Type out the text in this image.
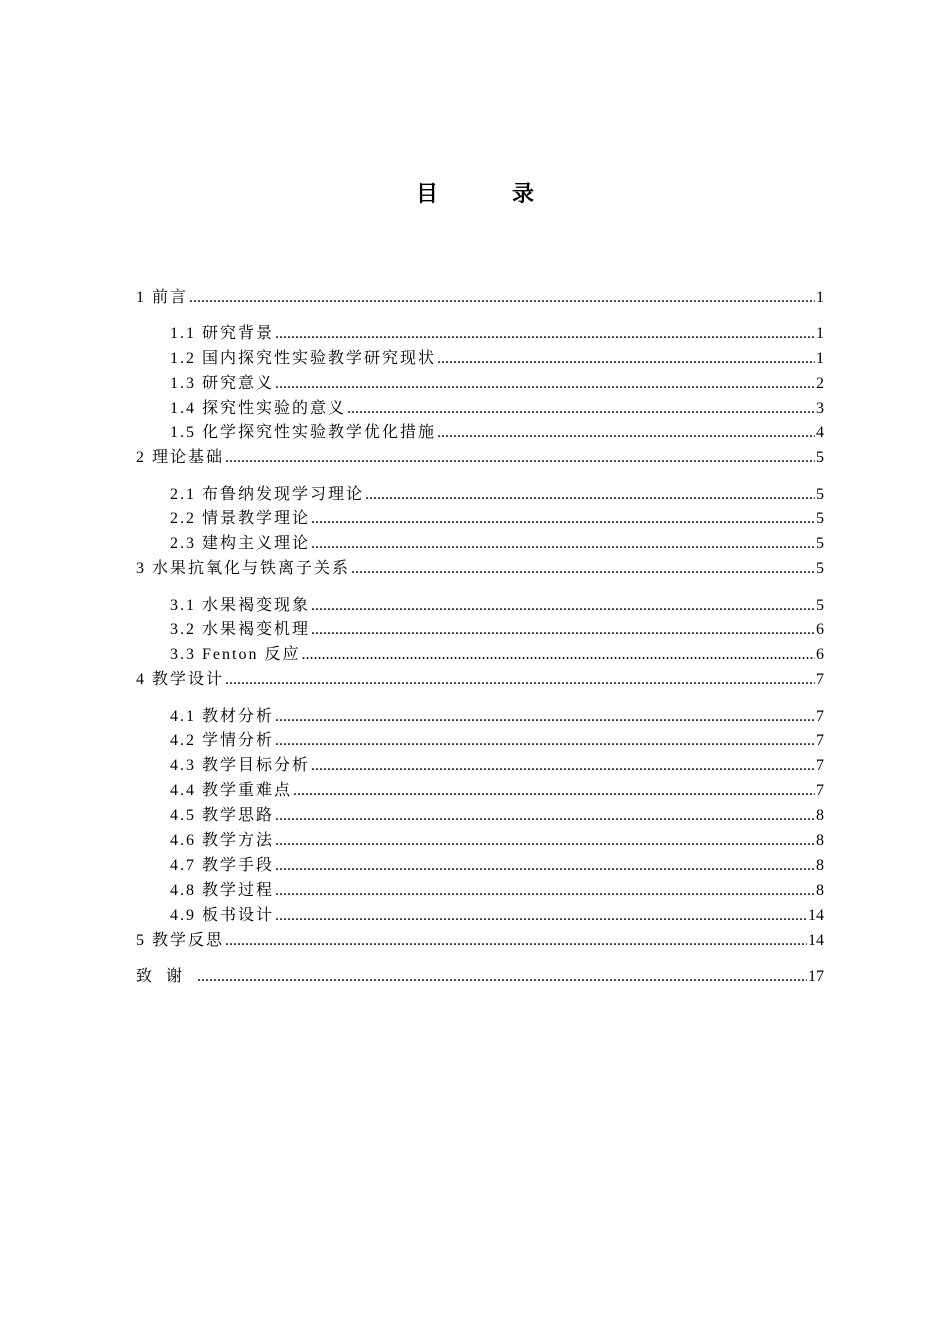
目　录
1 前言 .....	1
1.1 研究背景 .....	1
1.2 国内探究性实验教学研究现状 .....	1
1.3 研究意义 .....	2
1.4 探究性实验的意义 .....	3
1.5 化学探究性实验教学优化措施 .....	4
2 理论基础 .....	5
2.1 布鲁纳发现学习理论 .....	5
2.2 情景教学理论 .....	5
2.3 建构主义理论 .....	5
3 水果抗氧化与铁离子关系 .....	5
3.1 水果褐变现象 .....	5
3.2 水果褐变机理 .....	6
3.3 Fenton 反应 .....	6
4 教学设计 .....	7
4.1 教材分析 .....	7
4.2 学情分析 .....	7
4.3 教学目标分析 .....	7
4.4 教学重难点 .....	7
4.5 教学思路 .....	8
4.6 教学方法 .....	8
4.7 教学手段 .....	8
4.8 教学过程 .....	8
4.9 板书设计 .....	14
5 教学反思 .....	14
致谢 .....	17
